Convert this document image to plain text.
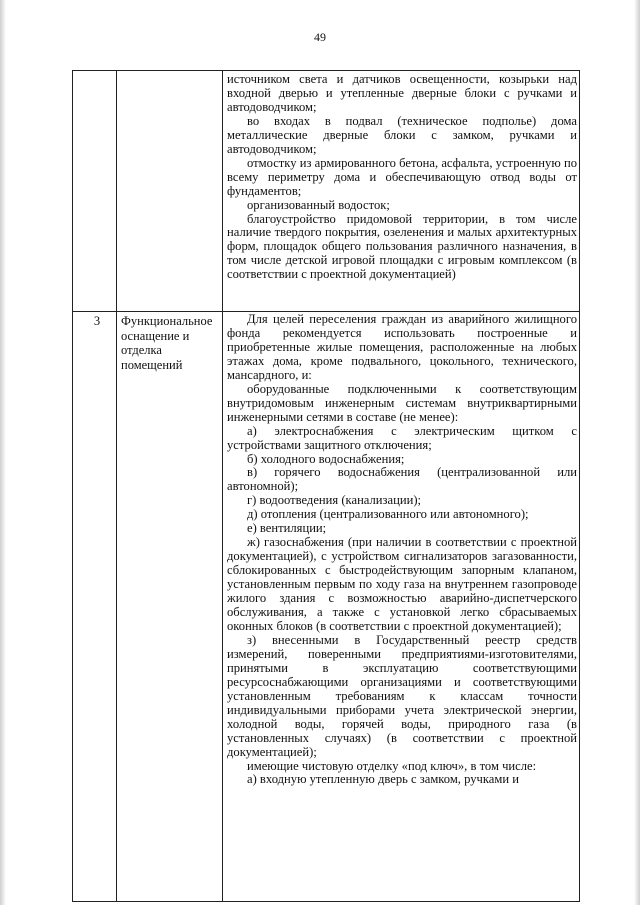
49

источником света и датчиков освещенности, козырьки над входной дверью и утепленные дверные блоки с ручками и автодоводчиком;

во входах в подвал (техническое подполье) дома металлические дверные блоки с замком, ручками и автодоводчиком;

отмостку из армированного бетона, асфальта, устроенную по всему периметру дома и обеспечивающую отвод воды от фундаментов;

организованный водосток;

благоустройство придомовой территории, в том числе наличие твердого покрытия, озеленения и малых архитектурных форм, площадок общего пользования различного назначения, в том числе детской игровой площадки с игровым комплексом (в соответствии с проектной документацией)

3	Функциональное оснащение и отделка помещений

Для целей переселения граждан из аварийного жилищного фонда рекомендуется использовать построенные и приобретенные жилые помещения, расположенные на любых этажах дома, кроме подвального, цокольного, технического, мансардного, и:

оборудованные подключенными к соответствующим внутридомовым инженерным системам внутриквартирными инженерными сетями в составе (не менее):

а) электроснабжения с электрическим щитком с устройствами защитного отключения;

б) холодного водоснабжения;

в) горячего водоснабжения (централизованной или автономной);

г) водоотведения (канализации);

д) отопления (централизованного или автономного);

е) вентиляции;

ж) газоснабжения (при наличии в соответствии с проектной документацией), с устройством сигнализаторов загазованности, сблокированных с быстродействующим запорным клапаном, установленным первым по ходу газа на внутреннем газопроводе жилого здания с возможностью аварийно-диспетчерского обслуживания, а также с установкой легко сбрасываемых оконных блоков (в соответствии с проектной документацией);

з) внесенными в Государственный реестр средств измерений, поверенными предприятиями-изготовителями, принятыми в эксплуатацию соответствующими ресурсоснабжающими организациями и соответствующими установленным требованиям к классам точности индивидуальными приборами учета электрической энергии, холодной воды, горячей воды, природного газа (в установленных случаях) (в соответствии с проектной документацией);

имеющие чистовую отделку «под ключ», в том числе:

а) входную утепленную дверь с замком, ручками и
